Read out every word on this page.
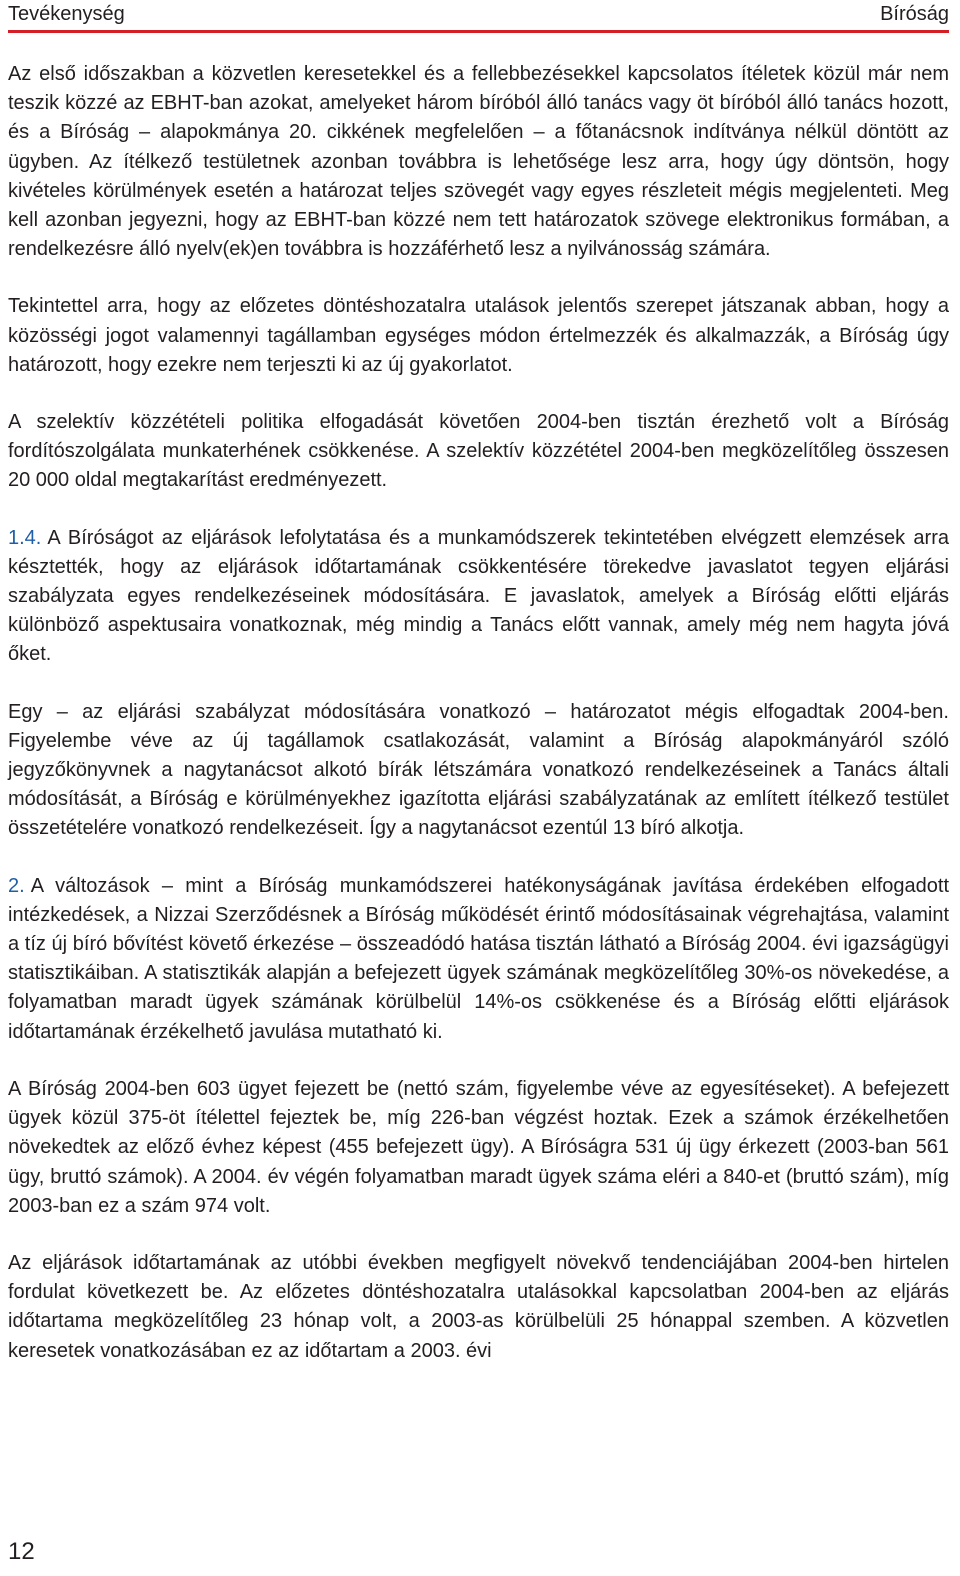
Tevékenység	Bíróság

Az első időszakban a közvetlen keresetekkel és a fellebbezésekkel kapcsolatos ítéletek közül már nem teszik közzé az EBHT-ban azokat, amelyeket három bíróból álló tanács vagy öt bíróból álló tanács hozott, és a Bíróság – alapokmánya 20. cikkének megfelelően – a főtanácsnok indítványa nélkül döntött az ügyben. Az ítélkező testületnek azonban továbbra is lehetősége lesz arra, hogy úgy döntsön, hogy kivételes körülmények esetén a határozat teljes szövegét vagy egyes részleteit mégis megjelenteti. Meg kell azonban jegyezni, hogy az EBHT-ban közzé nem tett határozatok szövege elektronikus formában, a rendelkezésre álló nyelv(ek)en továbbra is hozzáférhető lesz a nyilvánosság számára.

Tekintettel arra, hogy az előzetes döntéshozatalra utalások jelentős szerepet játszanak abban, hogy a közösségi jogot valamennyi tagállamban egységes módon értelmezzék és alkalmazzák, a Bíróság úgy határozott, hogy ezekre nem terjeszti ki az új gyakorlatot.

A szelektív közzétételi politika elfogadását követően 2004-ben tisztán érezhető volt a Bíróság fordítószolgálata munkaterhének csökkenése. A szelektív közzététel 2004-ben megközelítőleg összesen 20 000 oldal megtakarítást eredményezett.

1.4. A Bíróságot az eljárások lefolytatása és a munkamódszerek tekintetében elvégzett elemzések arra késztették, hogy az eljárások időtartamának csökkentésére törekedve javaslatot tegyen eljárási szabályzata egyes rendelkezéseinek módosítására. E javaslatok, amelyek a Bíróság előtti eljárás különböző aspektusaira vonatkoznak, még mindig a Tanács előtt vannak, amely még nem hagyta jóvá őket.

Egy – az eljárási szabályzat módosítására vonatkozó – határozatot mégis elfogadtak 2004-ben. Figyelembe véve az új tagállamok csatlakozását, valamint a Bíróság alapokmányáról szóló jegyzőkönyvnek a nagytanácsot alkotó bírák létszámára vonatkozó rendelkezéseinek a Tanács általi módosítását, a Bíróság e körülményekhez igazította eljárási szabályzatának az említett ítélkező testület összetételére vonatkozó rendelkezéseit. Így a nagytanácsot ezentúl 13 bíró alkotja.

2. A változások – mint a Bíróság munkamódszerei hatékonyságának javítása érdekében elfogadott intézkedések, a Nizzai Szerződésnek a Bíróság működését érintő módosításainak végrehajtása, valamint a tíz új bíró bővítést követő érkezése – összeadódó hatása tisztán látható a Bíróság 2004. évi igazságügyi statisztikáiban. A statisztikák alapján a befejezett ügyek számának megközelítőleg 30%-os növekedése, a folyamatban maradt ügyek számának körülbelül 14%-os csökkenése és a Bíróság előtti eljárások időtartamának érzékelhető javulása mutatható ki.

A Bíróság 2004-ben 603 ügyet fejezett be (nettó szám, figyelembe véve az egyesítéseket). A befejezett ügyek közül 375-öt ítélettel fejeztek be, míg 226-ban végzést hoztak. Ezek a számok érzékelhetően növekedtek az előző évhez képest (455 befejezett ügy). A Bíróságra 531 új ügy érkezett (2003-ban 561 ügy, bruttó számok). A 2004. év végén folyamatban maradt ügyek száma eléri a 840-et (bruttó szám), míg 2003-ban ez a szám 974 volt.

Az eljárások időtartamának az utóbbi években megfigyelt növekvő tendenciájában 2004-ben hirtelen fordulat következett be. Az előzetes döntéshozatalra utalásokkal kapcsolatban 2004-ben az eljárás időtartama megközelítőleg 23 hónap volt, a 2003-as körülbelüli 25 hónappal szemben. A közvetlen keresetek vonatkozásában ez az időtartam a 2003. évi

12
